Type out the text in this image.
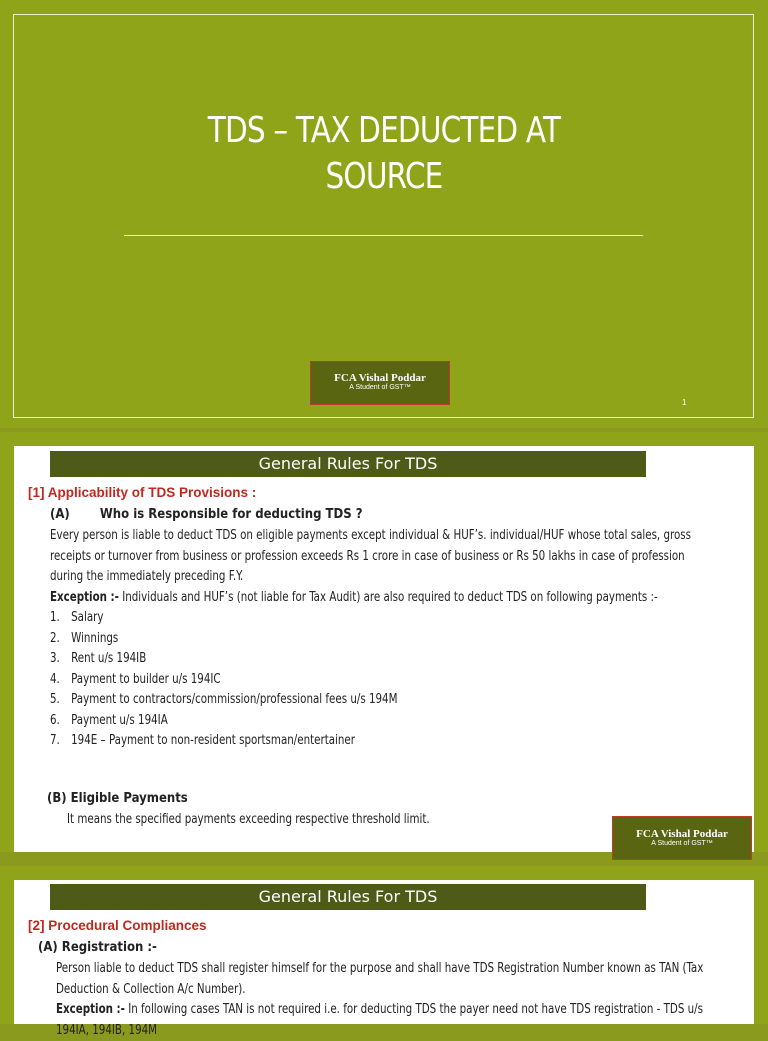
TDS – TAX DEDUCTED AT
SOURCE
FCA Vishal Poddar
A Student of GST™
1
General Rules For TDS
[1] Applicability of TDS Provisions :
(A) Who is Responsible for deducting TDS ?
Every person is liable to deduct TDS on eligible payments except individual & HUF’s. individual/HUF whose total sales, gross
receipts or turnover from business or profession exceeds Rs 1 crore in case of business or Rs 50 lakhs in case of profession
during the immediately preceding F.Y.
Exception :- Individuals and HUF’s (not liable for Tax Audit) are also required to deduct TDS on following payments :-
1. Salary
2. Winnings
3. Rent u/s 194IB
4. Payment to builder u/s 194IC
5. Payment to contractors/commission/professional fees u/s 194M
6. Payment u/s 194IA
7. 194E – Payment to non-resident sportsman/entertainer
(B) Eligible Payments
It means the specified payments exceeding respective threshold limit.
FCA Vishal Poddar
A Student of GST™
General Rules For TDS
[2] Procedural Compliances
(A) Registration :-
Person liable to deduct TDS shall register himself for the purpose and shall have TDS Registration Number known as TAN (Tax
Deduction & Collection A/c Number).
Exception :- In following cases TAN is not required i.e. for deducting TDS the payer need not have TDS registration - TDS u/s
194IA, 194IB, 194M
